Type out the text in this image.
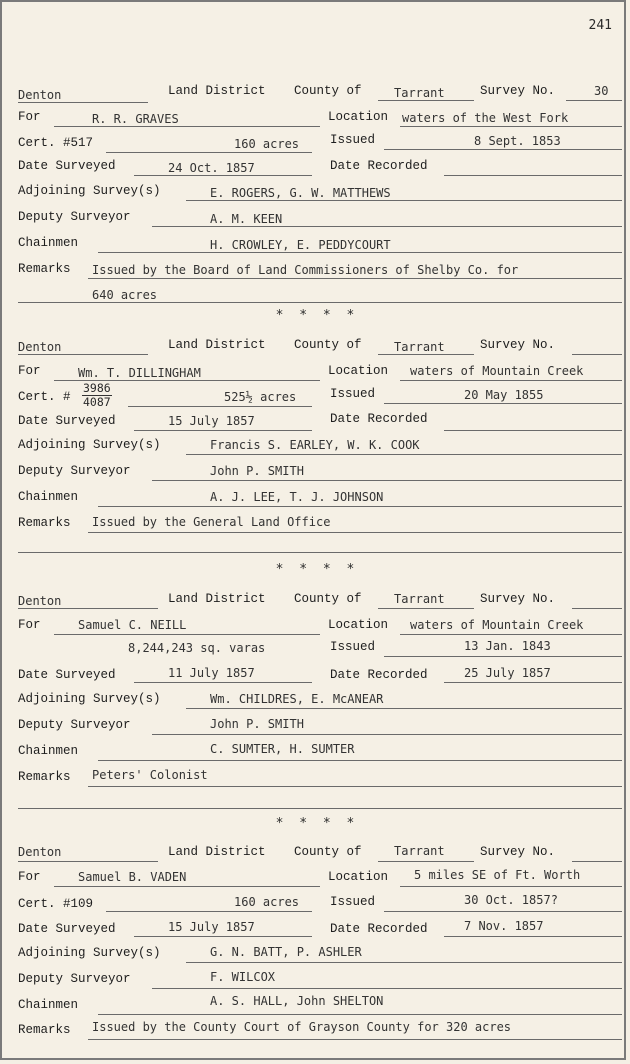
241
Denton	Land District County of	Tarrant	Survey No.	30
For	R. R. GRAVES	Location waters of the West Fork
Cert. #517	160 acres Issued	8 Sept. 1853
Date Surveyed	24 Oct. 1857	Date Recorded
Adjoining Survey(s)	E. ROGERS, G. W. MATTHEWS
Deputy Surveyor	A. M. KEEN
Chainmen	H. CROWLEY, E. PEDDYCOURT
Remarks Issued by the Board of Land Commissioners of Shelby Co. for
640 acres
* * * *
Denton	Land District County of	Tarrant	Survey No.
For	Wm. T. DILLINGHAM	Location waters of Mountain Creek
Cert. # $\frac{3986}{4087}$	525½ acres	Issued	20 May 1855
Date Surveyed	15 July 1857	Date Recorded
Adjoining Survey(s)	Francis S. EARLEY, W. K. COOK
Deputy Surveyor	John P. SMITH
Chainmen	A. J. LEE, T. J. JOHNSON
Remarks Issued by the General Land Office
* * * *
Denton	Land District County of	Tarrant	Survey No.
For	Samuel C. NEILL	Location waters of Mountain Creek
8,244,243 sq. varas	Issued	13 Jan. 1843
Date Surveyed	11 July 1857	Date Recorded	25 July 1857
Adjoining Survey(s)	Wm. CHILDRES, E. McANEAR
Deputy Surveyor	John P. SMITH
Chainmen	C. SUMTER, H. SUMTER
Remarks Peters' Colonist
* * * *
Denton	Land District County of	Tarrant	Survey No.
For	Samuel B. VADEN	Location 5 miles SE of Ft. Worth
Cert. #109	160 acres Issued	30 Oct. 1857?
Date Surveyed	15 July 1857	Date Recorded	7 Nov. 1857
Adjoining Survey(s)	G. N. BATT, P. ASHLER
Deputy Surveyor	F. WILCOX
Chainmen	A. S. HALL, John SHELTON
Remarks Issued by the County Court of Grayson County for 320 acres
